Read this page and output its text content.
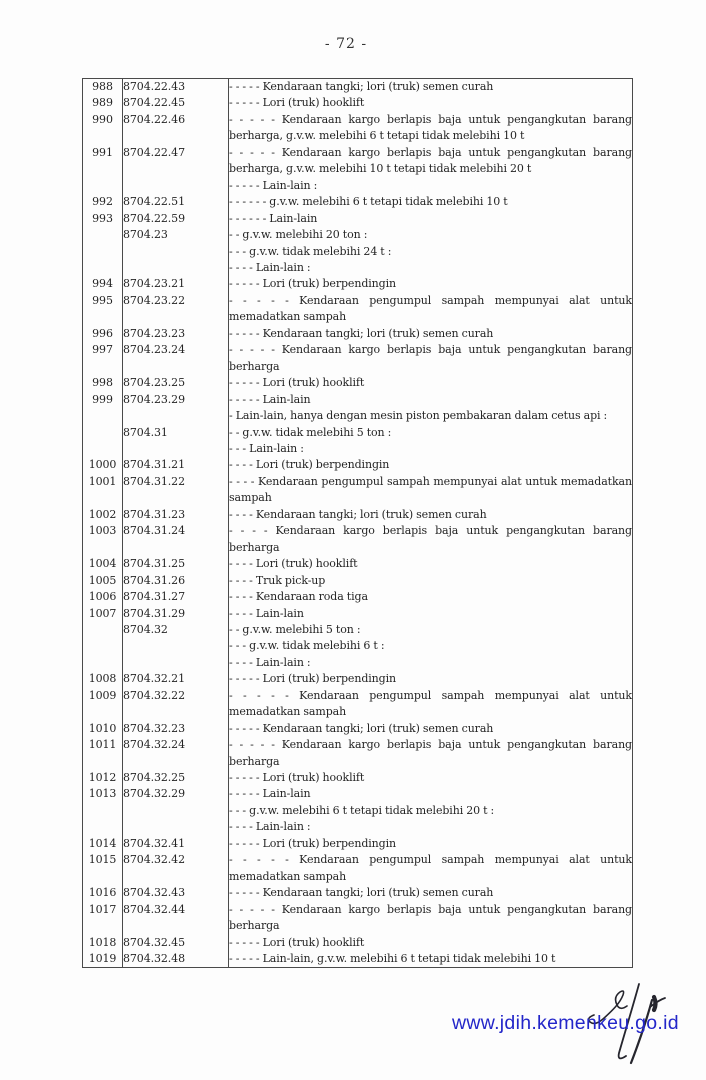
- 72 -
988	8704.22.43	- - - - - Kendaraan tangki; lori (truk) semen curah
989	8704.22.45	- - - - - Lori (truk) hooklift
990	8704.22.46	- - - - - Kendaraan kargo berlapis baja untuk pengangkutan barang berharga, g.v.w. melebihi 6 t tetapi tidak melebihi 10 t
991	8704.22.47	- - - - - Kendaraan kargo berlapis baja untuk pengangkutan barang berharga, g.v.w. melebihi 10 t tetapi tidak melebihi 20 t
		- - - - - Lain-lain :
992	8704.22.51	- - - - - - g.v.w. melebihi 6 t tetapi tidak melebihi 10 t
993	8704.22.59	- - - - - - Lain-lain
	8704.23	- - g.v.w. melebihi 20 ton :
		- - - g.v.w. tidak melebihi 24 t :
		- - - - Lain-lain :
994	8704.23.21	- - - - - Lori (truk) berpendingin
995	8704.23.22	- - - - - Kendaraan pengumpul sampah mempunyai alat untuk memadatkan sampah
996	8704.23.23	- - - - - Kendaraan tangki; lori (truk) semen curah
997	8704.23.24	- - - - - Kendaraan kargo berlapis baja untuk pengangkutan barang berharga
998	8704.23.25	- - - - - Lori (truk) hooklift
999	8704.23.29	- - - - - Lain-lain
		- Lain-lain, hanya dengan mesin piston pembakaran dalam cetus api :
	8704.31	- - g.v.w. tidak melebihi 5 ton :
		- - - Lain-lain :
1000	8704.31.21	- - - - Lori (truk) berpendingin
1001	8704.31.22	- - - - Kendaraan pengumpul sampah mempunyai alat untuk memadatkan sampah
1002	8704.31.23	- - - - Kendaraan tangki; lori (truk) semen curah
1003	8704.31.24	- - - - Kendaraan kargo berlapis baja untuk pengangkutan barang berharga
1004	8704.31.25	- - - - Lori (truk) hooklift
1005	8704.31.26	- - - - Truk pick-up
1006	8704.31.27	- - - - Kendaraan roda tiga
1007	8704.31.29	- - - - Lain-lain
	8704.32	- - g.v.w. melebihi 5 ton :
		- - - g.v.w. tidak melebihi 6 t :
		- - - - Lain-lain :
1008	8704.32.21	- - - - - Lori (truk) berpendingin
1009	8704.32.22	- - - - - Kendaraan pengumpul sampah mempunyai alat untuk memadatkan sampah
1010	8704.32.23	- - - - - Kendaraan tangki; lori (truk) semen curah
1011	8704.32.24	- - - - - Kendaraan kargo berlapis baja untuk pengangkutan barang berharga
1012	8704.32.25	- - - - - Lori (truk) hooklift
1013	8704.32.29	- - - - - Lain-lain
		- - - g.v.w. melebihi 6 t tetapi tidak melebihi 20 t :
		- - - - Lain-lain :
1014	8704.32.41	- - - - - Lori (truk) berpendingin
1015	8704.32.42	- - - - - Kendaraan pengumpul sampah mempunyai alat untuk memadatkan sampah
1016	8704.32.43	- - - - - Kendaraan tangki; lori (truk) semen curah
1017	8704.32.44	- - - - - Kendaraan kargo berlapis baja untuk pengangkutan barang berharga
1018	8704.32.45	- - - - - Lori (truk) hooklift
1019	8704.32.48	- - - - - Lain-lain, g.v.w. melebihi 6 t tetapi tidak melebihi 10 t
www.jdih.kemenkeu.go.id
